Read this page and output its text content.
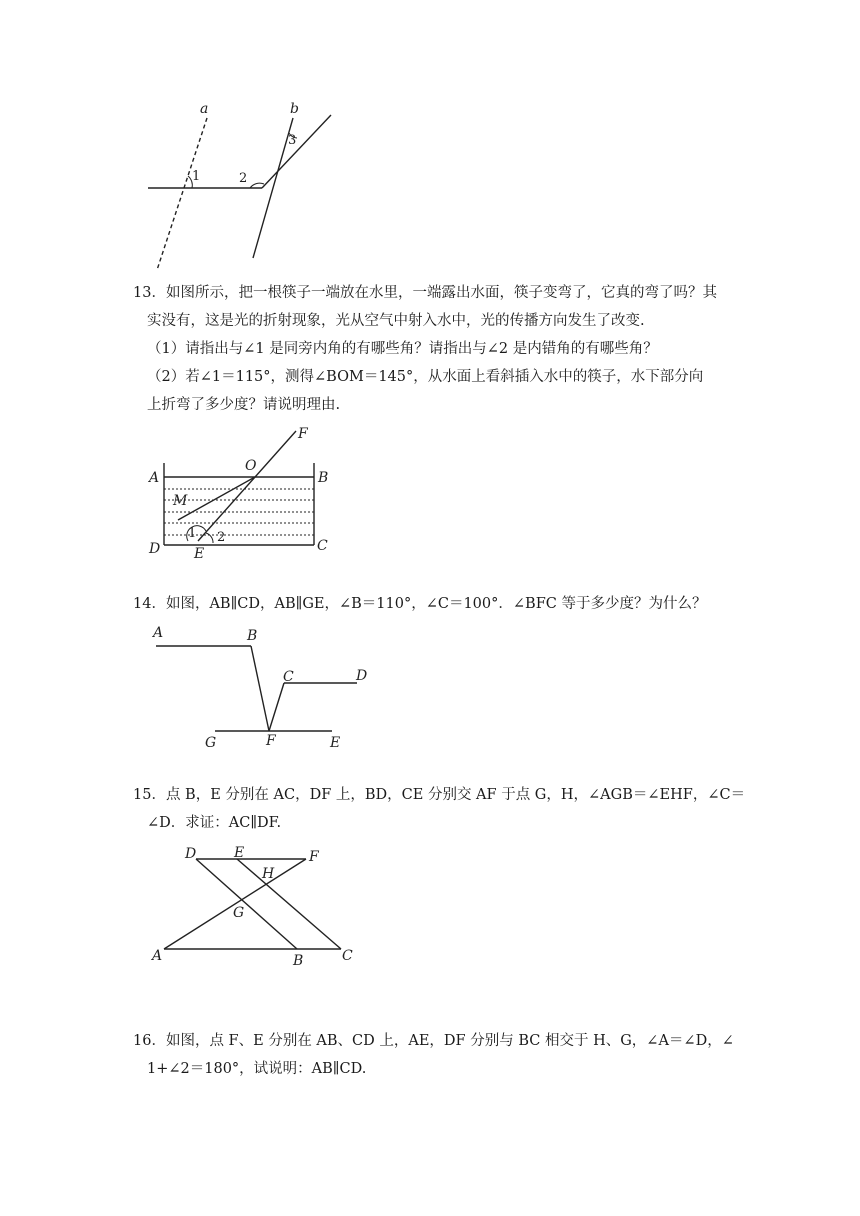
a	b
1	2
3

13．如图所示，把一根筷子一端放在水里，一端露出水面，筷子变弯了，它真的弯了吗？其

实没有，这是光的折射现象，光从空气中射入水中，光的传播方向发生了改变.

（1）请指出与∠1 是同旁内角的有哪些角？请指出与∠2 是内错角的有哪些角？

（2）若∠1＝115°，测得∠BOM＝145°，从水面上看斜插入水中的筷子，水下部分向

上折弯了多少度？请说明理由.

F
O
A	B
M
1 2
D E	C

14．如图，AB∥CD，AB∥GE，∠B＝110°，∠C＝100°．∠BFC 等于多少度？为什么？

A	B
C	D
G	F	E

15．点 B，E 分别在 AC，DF 上，BD，CE 分别交 AF 于点 G，H，∠AGB＝∠EHF，∠C＝

∠D．求证：AC∥DF.

D	E	F
H
G
A	B	C

16．如图，点 F、E 分别在 AB、CD 上，AE，DF 分别与 BC 相交于 H、G，∠A＝∠D，∠

1+∠2＝180°，试说明：AB∥CD.
